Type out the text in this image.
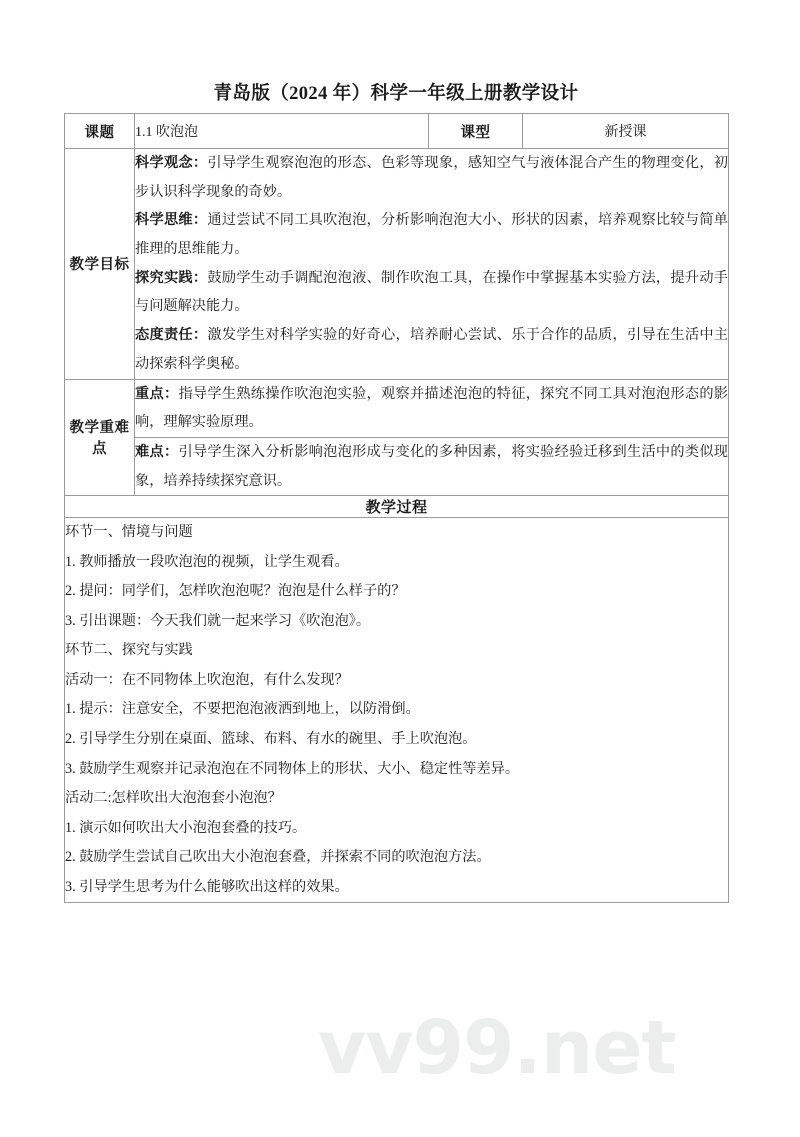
vv99.net
青岛版（2024 年）科学一年级上册教学设计
课题	1.1 吹泡泡	课型	新授课
教学目标	科学观念：引导学生观察泡泡的形态、色彩等现象，感知空气与液体混合产生的物理变化，初步认识科学现象的奇妙。

科学思维：通过尝试不同工具吹泡泡，分析影响泡泡大小、形状的因素，培养观察比较与简单推理的思维能力。

探究实践：鼓励学生动手调配泡泡液、制作吹泡工具，在操作中掌握基本实验方法，提升动手与问题解决能力。

态度责任：激发学生对科学实验的好奇心，培养耐心尝试、乐于合作的品质，引导在生活中主动探索科学奥秘。		

教学重难点	重点：指导学生熟练操作吹泡泡实验，观察并描述泡泡的特征，探究不同工具对泡泡形态的影响，理解实验原理。		

	难点：引导学生深入分析影响泡泡形成与变化的多种因素，将实验经验迁移到生活中的类似现象，培养持续探究意识。		

教学过程			

环节一、情境与问题

1. 教师播放一段吹泡泡的视频，让学生观看。

2. 提问：同学们，怎样吹泡泡呢？泡泡是什么样子的？

3. 引出课题：今天我们就一起来学习《吹泡泡》。

环节二、探究与实践

活动一：在不同物体上吹泡泡，有什么发现？

1. 提示：注意安全，不要把泡泡液洒到地上，以防滑倒。

2. 引导学生分别在桌面、篮球、布料、有水的碗里、手上吹泡泡。

3. 鼓励学生观察并记录泡泡在不同物体上的形状、大小、稳定性等差异。

活动二:怎样吹出大泡泡套小泡泡？

1. 演示如何吹出大小泡泡套叠的技巧。

2. 鼓励学生尝试自己吹出大小泡泡套叠，并探索不同的吹泡泡方法。

3. 引导学生思考为什么能够吹出这样的效果。
